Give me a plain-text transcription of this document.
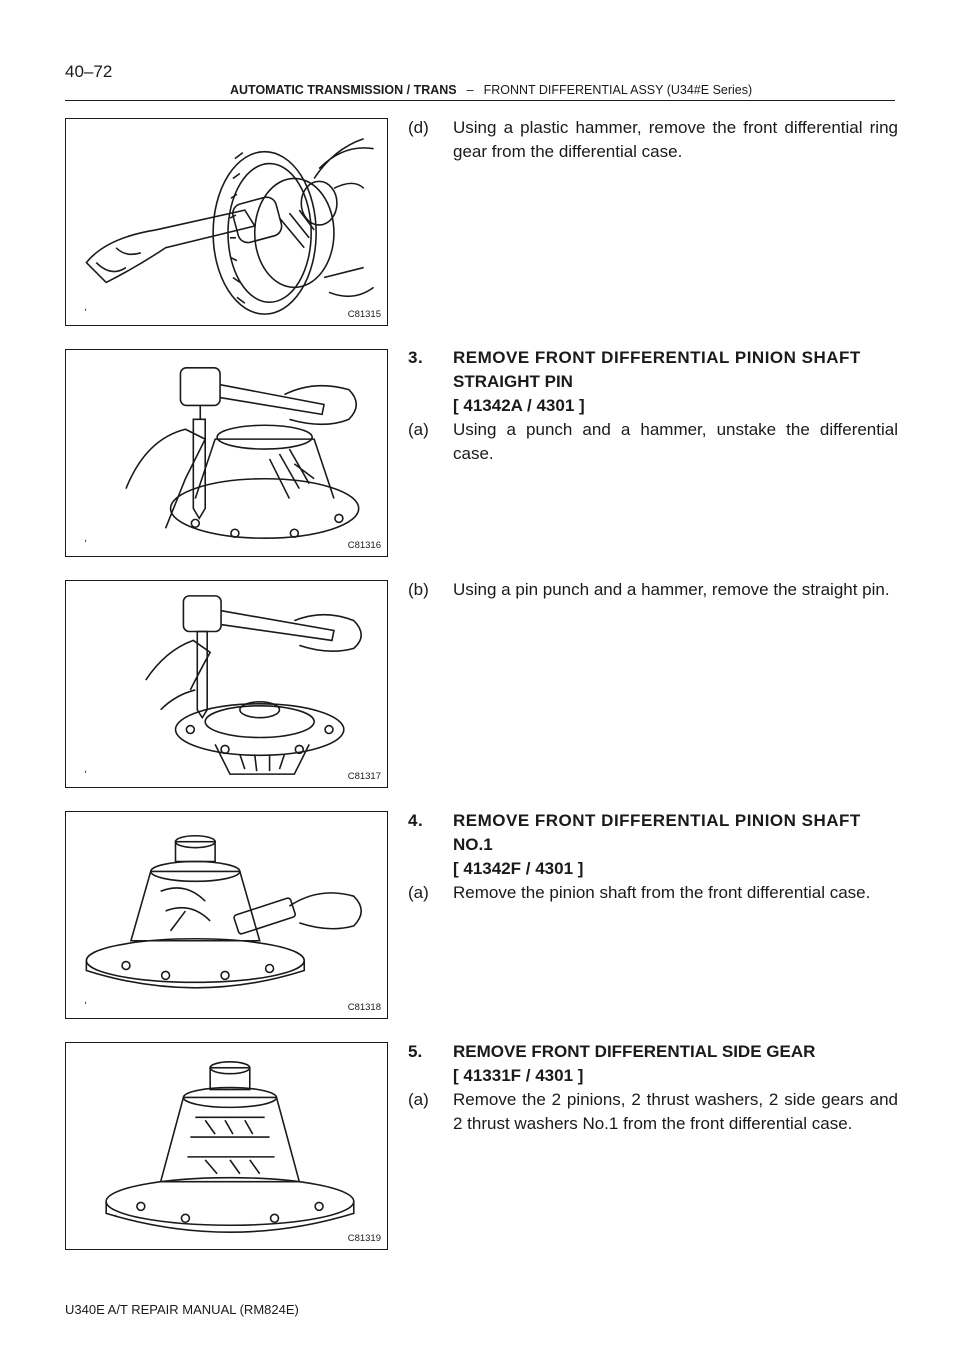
40–72
AUTOMATIC TRANSMISSION / TRANS – FRONNT DIFFERENTIAL ASSY (U34#E Series)
ʹ	C81315
ʹ	C81316
ʹ	C81317
ʹ	C81318
ʹ
C81319
(d) Using a plastic hammer, remove the front differential ring gear from the differential case.
3. REMOVE FRONT DIFFERENTIAL PINION SHAFT
STRAIGHT PIN
[ 41342A / 4301 ]
(a) Using a punch and a hammer, unstake the differential case.
(b) Using a pin punch and a hammer, remove the straight pin.
4. REMOVE FRONT DIFFERENTIAL PINION SHAFT
NO.1
[ 41342F / 4301 ]
(a) Remove the pinion shaft from the front differential case.
5. REMOVE FRONT DIFFERENTIAL SIDE GEAR
[ 41331F / 4301 ]
(a) Remove the 2 pinions, 2 thrust washers, 2 side gears and 2 thrust washers No.1 from the front differential case.
U340E A/T REPAIR MANUAL (RM824E)
